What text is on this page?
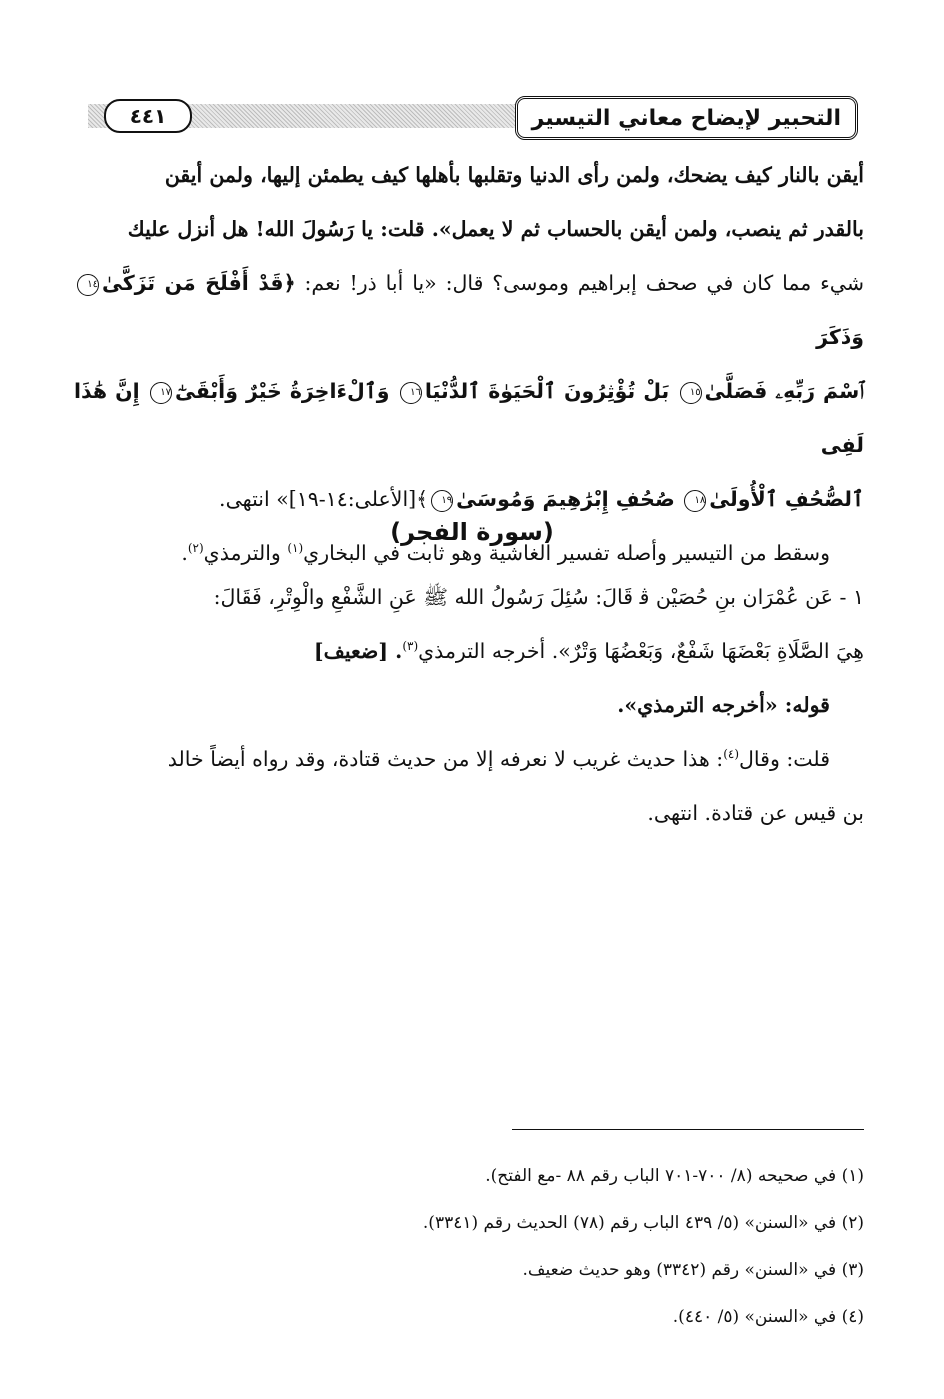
التحبير لإيضاح معاني التيسير
٤٤١
أيقن بالنار كيف يضحك، ولمن رأى الدنيا وتقلبها بأهلها كيف يطمئن إليها، ولمن أيقن
بالقدر ثم ينصب، ولمن أيقن بالحساب ثم لا يعمل». قلت: يا رَسُولَ الله! هل أنزل عليك
شيء مما كان في صحف إبراهيم وموسى؟ قال: «يا أبا ذر! نعم: ﴿قَدْ أَفْلَحَ مَن تَزَكَّىٰ١٤وَذَكَرَ
ٱسْمَ رَبِّهِۦ فَصَلَّىٰ١٥ بَلْ تُؤْثِرُونَ ٱلْحَيَوٰةَ ٱلدُّنْيَا١٦ وَٱلْءَاخِرَةُ خَيْرٌ وَأَبْقَىٰٓ١٧ إِنَّ هَٰذَا لَفِى
ٱلصُّحُفِ ٱلْأُولَىٰ١٨ صُحُفِ إِبْرَٰهِيمَ وَمُوسَىٰ١٩﴾[الأعلى:١٤-١٩]» انتهى.
وسقط من التيسير وأصله تفسير الغاشية وهو ثابت في البخاري$^{(١)}$ والترمذي$^{(٢)}$.
(سورة الفجر)
١ - عَن عُمْرَان بنِ حُصَيْن ﭬ قَالَ: سُئِلَ رَسُولُ الله ﷺ عَنِ الشَّفْعِ والْوِتْرِ، فَقَالَ:
هِيَ الصَّلَاةِ بَعْضَهَا شَفْعٌ، وَبَعْضُهَا وَتْرٌ». أخرجه الترمذي$^{(٣)}$. [ضعيف]
قوله: «أخرجه الترمذي».
قلت: وقال$^{(٤)}$: هذا حديث غريب لا نعرفه إلا من حديث قتادة، وقد رواه أيضاً خالد
بن قيس عن قتادة. انتهى.
(١) في صحيحه (٨/ ٧٠٠-٧٠١ الباب رقم ٨٨ -مع الفتح).
(٢) في «السنن» (٥/ ٤٣٩ الباب رقم (٧٨) الحديث رقم (٣٣٤١).
(٣) في «السنن» رقم (٣٣٤٢) وهو حديث ضعيف.
(٤) في «السنن» (٥/ ٤٤٠).
